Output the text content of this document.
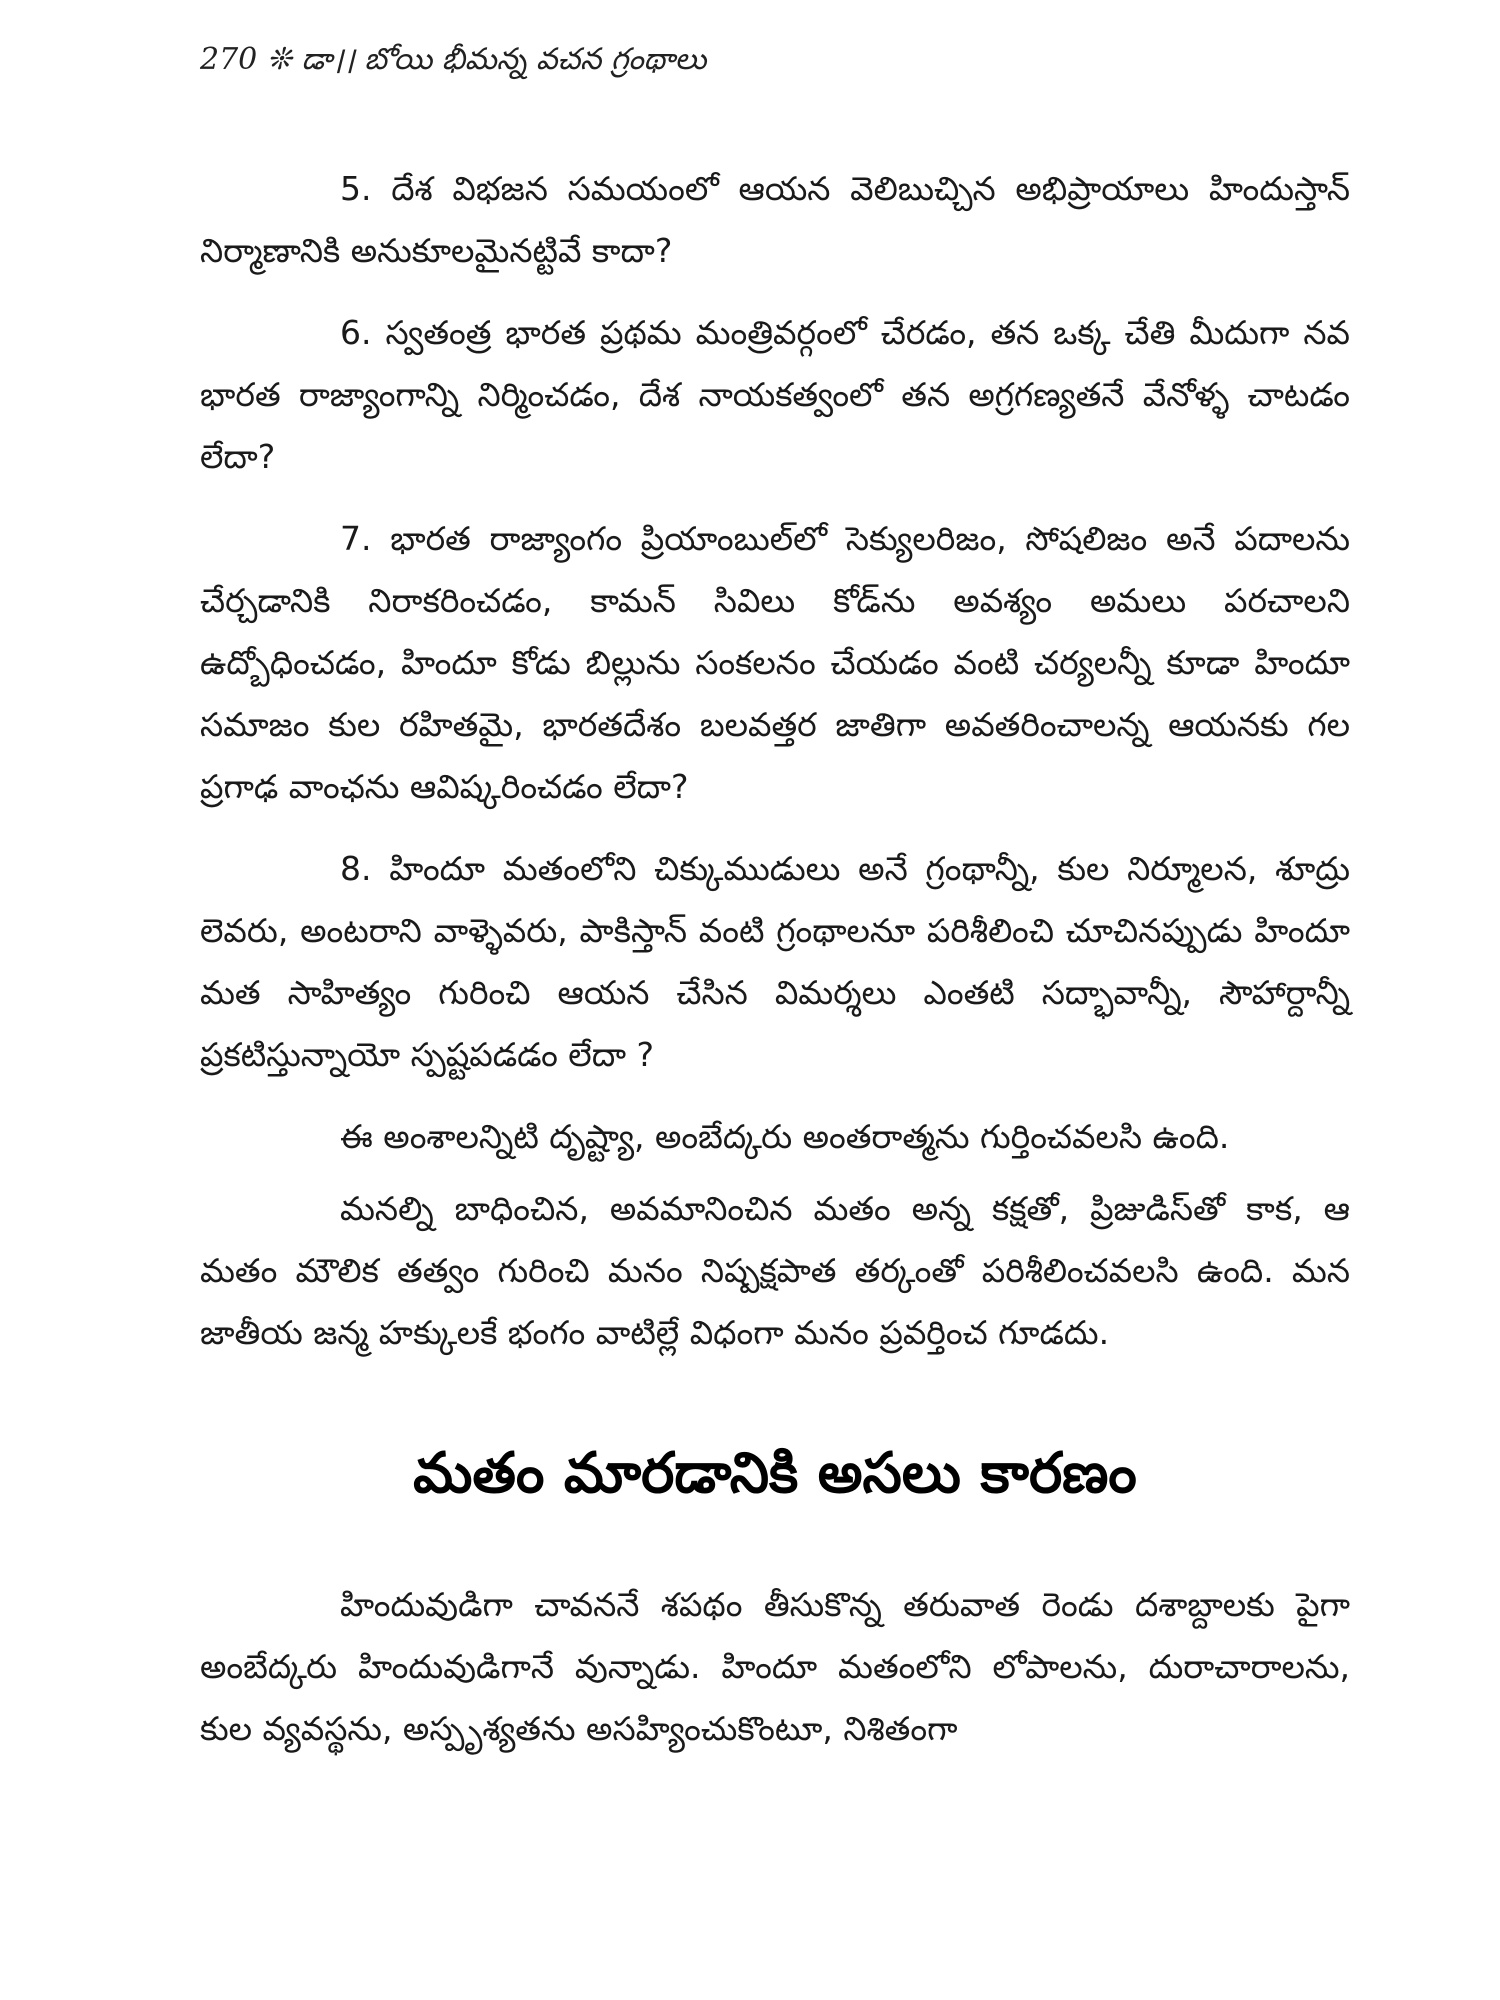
270 ❊ డా।। బోయి భీమన్న వచన గ్రంథాలు

5. దేశ విభజన సమయంలో ఆయన వెలిబుచ్చిన అభిప్రాయాలు హిందుస్తాన్ నిర్మాణానికి అనుకూలమైనట్టివే కాదా?

6. స్వతంత్ర భారత ప్రథమ మంత్రివర్గంలో చేరడం, తన ఒక్క చేతి మీదుగా నవ భారత రాజ్యాంగాన్ని నిర్మించడం, దేశ నాయకత్వంలో తన అగ్రగణ్యతనే వేనోళ్ళ చాటడం లేదా?

7. భారత రాజ్యాంగం ప్రియాంబుల్‌లో సెక్యులరిజం, సోషలిజం అనే పదాలను చేర్చడానికి నిరాకరించడం, కామన్ సివిలు కోడ్‌ను అవశ్యం అమలు పరచాలని ఉద్బోధించడం, హిందూ కోడు బిల్లును సంకలనం చేయడం వంటి చర్యలన్నీ కూడా హిందూ సమాజం కుల రహితమై, భారతదేశం బలవత్తర జాతిగా అవతరించాలన్న ఆయనకు గల ప్రగాఢ వాంఛను ఆవిష్కరించడం లేదా?

8. హిందూ మతంలోని చిక్కుముడులు అనే గ్రంథాన్నీ, కుల నిర్మూలన, శూద్రు లెవరు, అంటరాని వాళ్ళెవరు, పాకిస్తాన్ వంటి గ్రంథాలనూ పరిశీలించి చూచినప్పుడు హిందూ మత సాహిత్యం గురించి ఆయన చేసిన విమర్శలు ఎంతటి సద్భావాన్నీ, సౌహార్దాన్నీ ప్రకటిస్తున్నాయో స్పష్టపడడం లేదా ?

ఈ అంశాలన్నిటి దృష్ట్యా, అంబేద్కరు అంతరాత్మను గుర్తించవలసి ఉంది.

మనల్ని బాధించిన, అవమానించిన మతం అన్న కక్షతో, ప్రిజుడిస్‌తో కాక, ఆ మతం మౌలిక తత్వం గురించి మనం నిష్పక్షపాత తర్కంతో పరిశీలించవలసి ఉంది. మన జాతీయ జన్మ హక్కులకే భంగం వాటిల్లే విధంగా మనం ప్రవర్తించ గూడదు.

మతం మారడానికి అసలు కారణం

హిందువుడిగా చావననే శపథం తీసుకొన్న తరువాత రెండు దశాబ్దాలకు పైగా అంబేద్కరు హిందువుడిగానే వున్నాడు. హిందూ మతంలోని లోపాలను, దురాచారాలను, కుల వ్యవస్థను, అస్పృశ్యతను అసహ్యించుకొంటూ, నిశితంగా
